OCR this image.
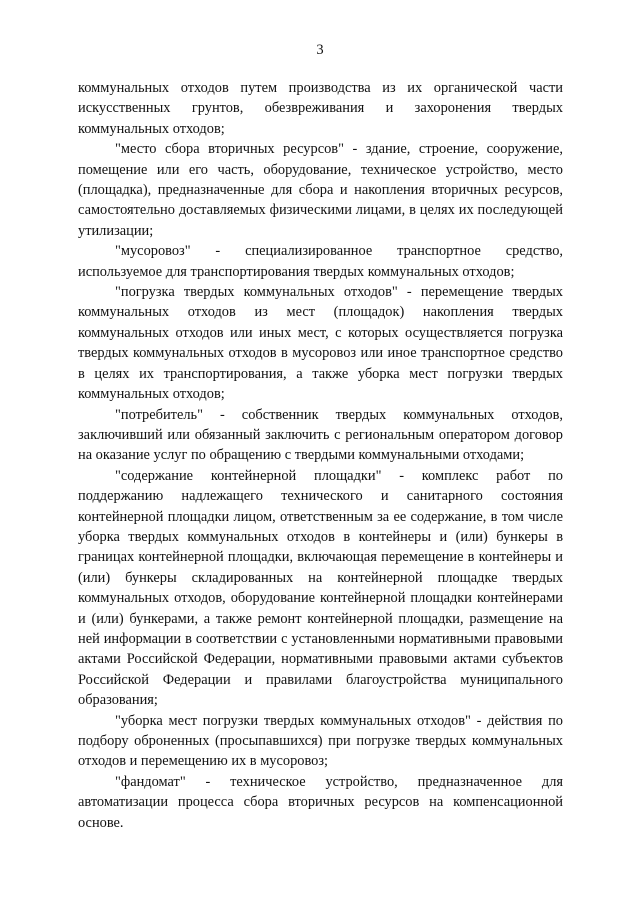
3

коммунальных отходов путем производства из их органической части искусственных грунтов, обезвреживания и захоронения твердых коммунальных отходов;

"место сбора вторичных ресурсов" - здание, строение, сооружение, помещение или его часть, оборудование, техническое устройство, место (площадка), предназначенные для сбора и накопления вторичных ресурсов, самостоятельно доставляемых физическими лицами, в целях их последующей утилизации;

"мусоровоз" - специализированное транспортное средство, используемое для транспортирования твердых коммунальных отходов;

"погрузка твердых коммунальных отходов" - перемещение твердых коммунальных отходов из мест (площадок) накопления твердых коммунальных отходов или иных мест, с которых осуществляется погрузка твердых коммунальных отходов в мусоровоз или иное транспортное средство в целях их транспортирования, а также уборка мест погрузки твердых коммунальных отходов;

"потребитель" - собственник твердых коммунальных отходов, заключивший или обязанный заключить с региональным оператором договор на оказание услуг по обращению с твердыми коммунальными отходами;

"содержание контейнерной площадки" - комплекс работ по поддержанию надлежащего технического и санитарного состояния контейнерной площадки лицом, ответственным за ее содержание, в том числе уборка твердых коммунальных отходов в контейнеры и (или) бункеры в границах контейнерной площадки, включающая перемещение в контейнеры и (или) бункеры складированных на контейнерной площадке твердых коммунальных отходов, оборудование контейнерной площадки контейнерами и (или) бункерами, а также ремонт контейнерной площадки, размещение на ней информации в соответствии с установленными нормативными правовыми актами Российской Федерации, нормативными правовыми актами субъектов Российской Федерации и правилами благоустройства муниципального образования;

"уборка мест погрузки твердых коммунальных отходов" - действия по подбору оброненных (просыпавшихся) при погрузке твердых коммунальных отходов и перемещению их в мусоровоз;

"фандомат" - техническое устройство, предназначенное для автоматизации процесса сбора вторичных ресурсов на компенсационной основе.
